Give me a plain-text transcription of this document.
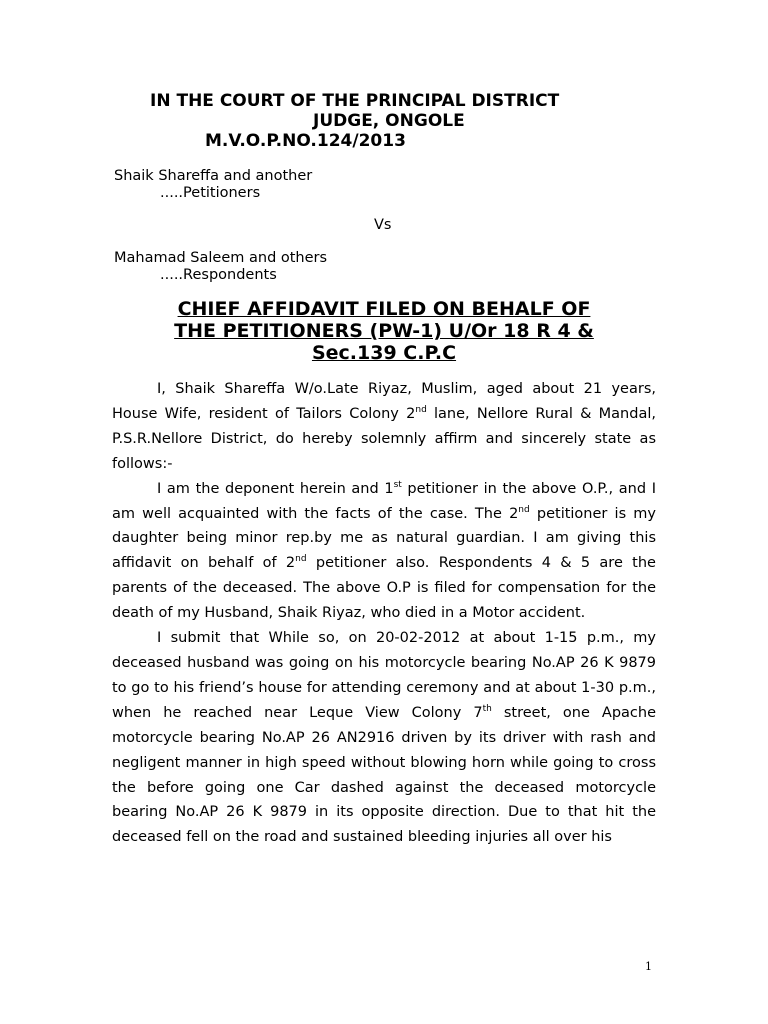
IN THE COURT OF THE PRINCIPAL DISTRICT
JUDGE, ONGOLE
M.V.O.P.NO.124/2013
Shaik Shareffa and another
.....Petitioners
Vs
Mahamad Saleem and others
.....Respondents
CHIEF AFFIDAVIT FILED ON BEHALF OF
THE PETITIONERS (PW-1) U/Or 18 R 4 &
Sec.139 C.P.C

I, Shaik Shareffa W/o.Late Riyaz, Muslim, aged about 21 years, House Wife, resident of Tailors Colony 2nd lane, Nellore Rural & Mandal, P.S.R.Nellore District, do hereby solemnly affirm and sincerely state as follows:-

I am the deponent herein and 1st petitioner in the above O.P., and I am well acquainted with the facts of the case. The 2nd petitioner is my daughter being minor rep.by me as natural guardian. I am giving this affidavit on behalf of 2nd petitioner also. Respondents 4 & 5 are the parents of the deceased. The above O.P is filed for compensation for the death of my Husband, Shaik Riyaz, who died in a Motor accident.

I submit that While so, on 20-02-2012 at about 1-15 p.m., my deceased husband was going on his motorcycle bearing No.AP 26 K 9879 to go to his friend’s house for attending ceremony and at about 1-30 p.m., when he reached near Leque View Colony 7th street, one Apache motorcycle bearing No.AP 26 AN2916 driven by its driver with rash and negligent manner in high speed without blowing horn while going to cross the before going one Car dashed against the deceased motorcycle bearing No.AP 26 K 9879 in its opposite direction. Due to that hit the deceased fell on the road and sustained bleeding injuries all over his

1
